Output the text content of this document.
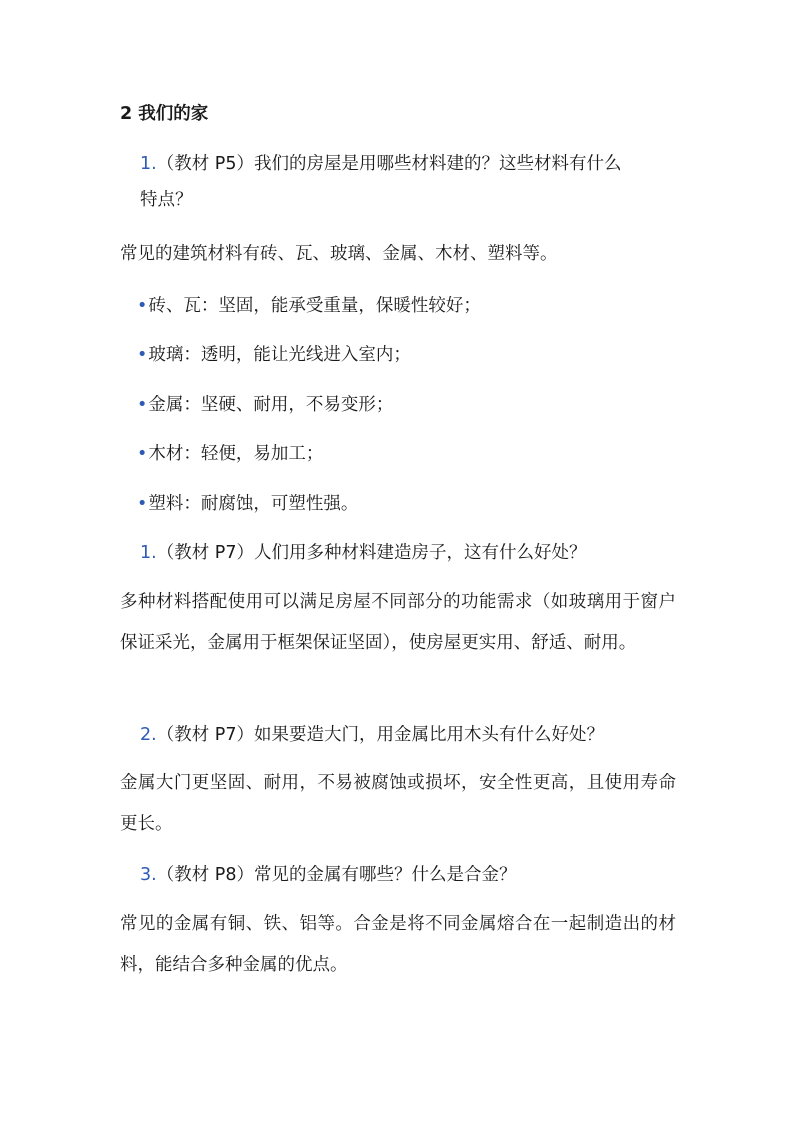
2 我们的家

1.（教材 P5）我们的房屋是用哪些材料建的？这些材料有什么
特点？

常见的建筑材料有砖、瓦、玻璃、金属、木材、塑料等。

•砖、瓦：坚固，能承受重量，保暖性较好；

•玻璃：透明，能让光线进入室内；

•金属：坚硬、耐用，不易变形；

•木材：轻便，易加工；

•塑料：耐腐蚀，可塑性强。

1.（教材 P7）人们用多种材料建造房子，这有什么好处？

多种材料搭配使用可以满足房屋不同部分的功能需求（如玻璃用于窗户保证采光，金属用于框架保证坚固），使房屋更实用、舒适、耐用。

2.（教材 P7）如果要造大门，用金属比用木头有什么好处？

金属大门更坚固、耐用，不易被腐蚀或损坏，安全性更高，且使用寿命更长。

3.（教材 P8）常见的金属有哪些？什么是合金？

常见的金属有铜、铁、铝等。合金是将不同金属熔合在一起制造出的材料，能结合多种金属的优点。
